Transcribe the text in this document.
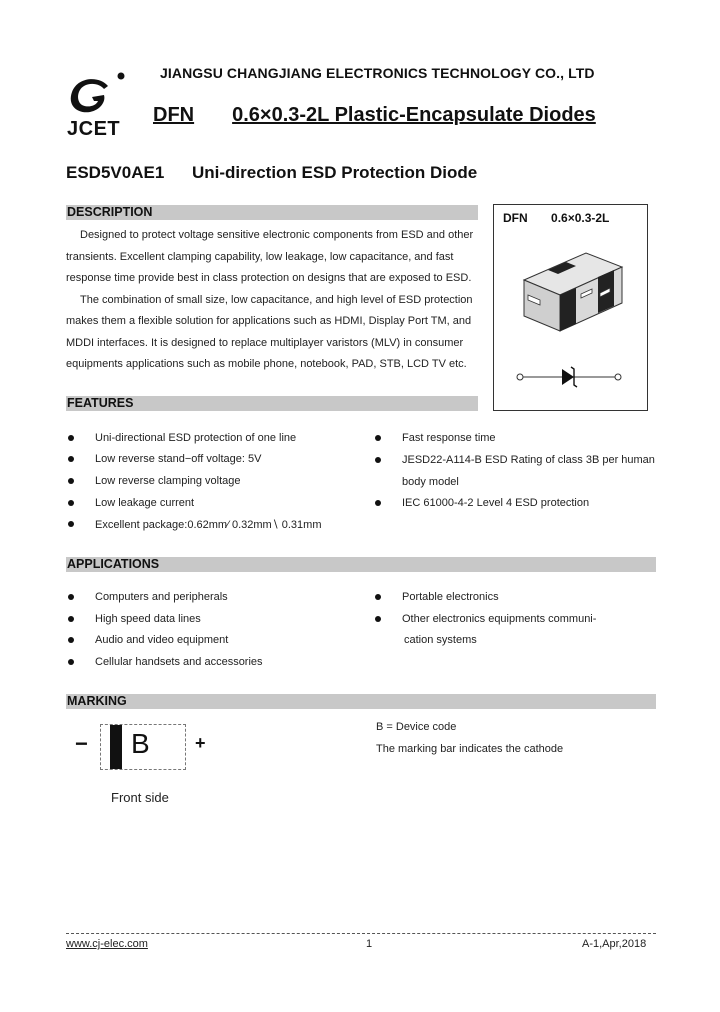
JIANGSU CHANGJIANG ELECTRONICS TECHNOLOGY CO., LTD
JCET
DFN 0.6×0.3-2L Plastic-Encapsulate Diodes
ESD5V0AE1 Uni-direction ESD Protection Diode
DESCRIPTION
Designed to protect voltage sensitive electronic components from ESD and other
transients. Excellent clamping capability, low leakage, low capacitance, and fast
response time provide best in class protection on designs that are exposed to ESD.
The combination of small size, low capacitance, and high level of ESD protection
makes them a flexible solution for applications such as HDMI, Display Port TM, and
MDDI interfaces. It is designed to replace multiplayer varistors (MLV) in consumer
equipments applications such as mobile phone, notebook, PAD, STB, LCD TV etc.
DFN 0.6×0.3-2L
FEATURES
Uni-directional ESD protection of one line
Low reverse stand−off voltage: 5V
Low reverse clamping voltage
Low leakage current
Excellent package:0.62mm⁄ 0.32mm∖ 0.31mm
Fast response time
JESD22-A114-B ESD Rating of class 3B per human
body model
IEC 61000-4-2 Level 4 ESD protection
APPLICATIONS
Computers and peripherals
High speed data lines
Audio and video equipment
Cellular handsets and accessories
Portable electronics
Other electronics equipments communi-
cation systems
MARKING
− B	+
Front side
B = Device code
The marking bar indicates the cathode
www.cj-elec.com	1	A-1,Apr,2018
